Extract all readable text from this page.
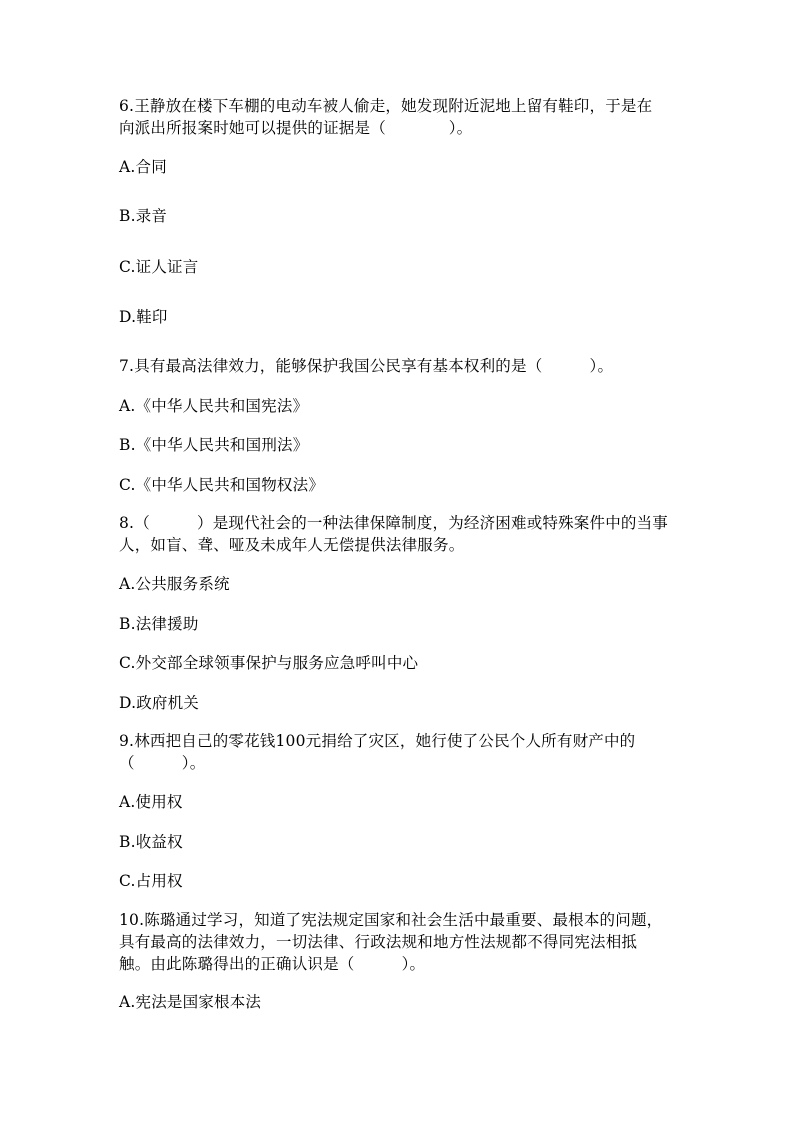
6.王静放在楼下车棚的电动车被人偷走，她发现附近泥地上留有鞋印，于是在
向派出所报案时她可以提供的证据是（　　　　）。
A.合同
B.录音
C.证人证言
D.鞋印
7.具有最高法律效力，能够保护我国公民享有基本权利的是（　　　）。
A.《中华人民共和国宪法》
B.《中华人民共和国刑法》
C.《中华人民共和国物权法》
8.（　　　）是现代社会的一种法律保障制度，为经济困难或特殊案件中的当事
人，如盲、聋、哑及未成年人无偿提供法律服务。
A.公共服务系统
B.法律援助
C.外交部全球领事保护与服务应急呼叫中心
D.政府机关
9.林西把自己的零花钱100元捐给了灾区，她行使了公民个人所有财产中的
（　　　）。
A.使用权
B.收益权
C.占用权
10.陈璐通过学习，知道了宪法规定国家和社会生活中最重要、最根本的问题，
具有最高的法律效力，一切法律、行政法规和地方性法规都不得同宪法相抵
触。由此陈璐得出的正确认识是（　　　）。
A.宪法是国家根本法
